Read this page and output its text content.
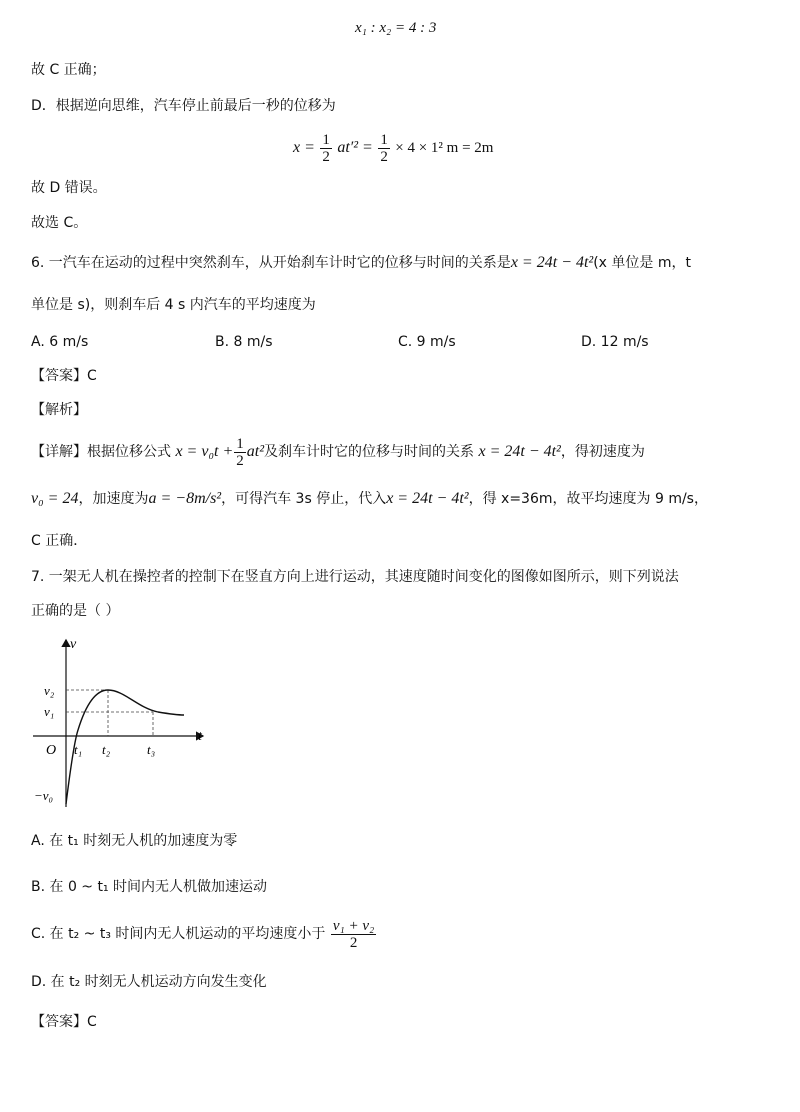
x₁ : x₂ = 4 : 3
故 C 正确；
D．根据逆向思维，汽车停止前最后一秒的位移为
$x = \frac{1}{2} at'^2 = \frac{1}{2} \times 4 \times 1^2$ m = 2m
故 D 错误。
故选 C。
6. 一汽车在运动的过程中突然刹车，从开始刹车计时它的位移与时间的关系是x = 24t − 4t²(x 单位是 m，t
单位是 s)，则刹车后 4 s 内汽车的平均速度为
A. 6 m/s	B. 8 m/s	C. 9 m/s	D. 12 m/s
【答案】C
【解析】
【详解】根据位移公式 $x = v_0t + \frac{1}{2} at^2$及刹车计时它的位移与时间的关系 x = 24t − 4t²，得初速度为
v₀ = 24，加速度为a = −8m/s²，可得汽车 3s 停止，代入x = 24t − 4t²，得 x=36m，故平均速度为 9 m/s，
C 正确．
7. 一架无人机在操控者的控制下在竖直方向上进行运动，其速度随时间变化的图像如图所示，则下列说法
正确的是（ ）
v
t
O
v₂
v₁
−v₀
t₁ t₂	t₃
A. 在 t₁ 时刻无人机的加速度为零
B. 在 0 ~ t₁ 时间内无人机做加速运动
C. 在 t₂ ~ t₃ 时间内无人机运动的平均速度小于 $\frac{\text{v₁ + v₂}}{2}$
D. 在 t₂ 时刻无人机运动方向发生变化
【答案】C
